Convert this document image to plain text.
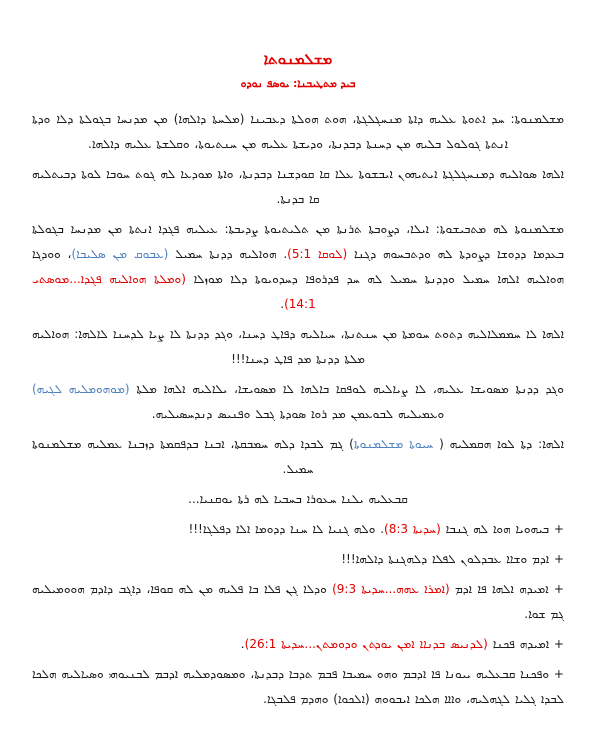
ܡܫܠܡܢܘܬܐ
ܒܝܕ ܡܬܛܝܒܢܐ: ܝܘܣܦ ܢܘܕܘ

ܡܫܠܡܢܘܬܐ: ܚܕ ܐܬܘܬܐ ܥܠܝܗ ܕܐܬܐ ܡܢܚܓܠܓܬܐ، ܗܘܬ ܗܘܠܬܐ ܕܥܒܝܢܐ (ܡܠܚܬܐ ܕܐܠܗܐ) ܡܢ ܡܕܢܚܐ ܒܓܘܠܬܐ ܕܠܐ ܘܕܬܐ ܐܢܬܬܐ ܓܘܠܘܠ ܒܠܝܗ ܡܢ ܕܚܢܬܐ ܕܒܕܢܬܐ، ܘܕܝܫܬܐ ܥܠܝܗ ܡܢ ܚܢܬܝܘܬܐ، ܘܩܠܫܬܐ ܥܠܝܗ ܕܐܠܗܐ.

ܐܠܗܐ ܣܘܐܠܝܗ ܕܡܢܚܓܠܓܬܐ ܐܝܬܝܗܘܢ ܐܝܒܫܘܬܐ ܥܠܐ ܩܐ ܩܘܕܫܢܐ ܕܒܕܢܬܐ، ܘܐܬܐ ܡܘܕܥܐ ܠܗ ܓܘܬ ܚܘܒܐ ܠܘܬܐ ܕܒܝܬܠܝܗ ܩܐ ܒܕܢܬܐ.

ܡܫܠܡܢܘܬܐ ܠܗ ܡܬܒܝܫܘܬܐ: ܐܝܠܐ، ܕܨܘܒܬܐ ܬܪܢܬܐ ܡܢ ܬܠܝܬܝܘܬܐ ܨܕܝܒܬܐ: ܥܝܠܝܗ ܦܓܕܐ ܐܢܬܬܐ ܡܢ ܡܕܢܚܐ ܒܓܘܠܬܐ ܒܥܕܡܐ ܕܕܘܫܐ ܕܨܘܕܬܐ ܠܗ ܘܕܬܒܚܘܗ ܕܓܢܐ (ܠܘܩܐ 5:1). ܗܘܐܠܝܗ ܕܕܢܬܐ ܚܡܝܠ (ܥܒܘܩ ܡܢ ܣܠܝܒܐ)، ܘܘܕܓܐ ܗܘܐܠܝܗ ܐܠܗܐ ܚܡܝܠ ܘܕܕܢܬܐ ܚܡܝܠ ܠܗ ܚܕ ܦܕܪܘܦܐ ܕܚܕܘܝܘܬܐ ܕܠܐ ܡܘܙܠܐ (ܘܡܠܬܐ ܗܘܐܠܝܗ ܦܓܕܐ...ܡܘܣܬܝ 14:1).

ܐܠܗܐ ܠܐ ܚܡܡܠܐܠܝܗ ܕܬܘܬ ܚܘܡܬܐ ܡܢ ܚܢܬܢܬܐ، ܚܝܐܠܝܗ ܕܦܐܛ ܕܚܢܐ، ܘܓܕ ܕܕܢܬܐ ܠܐ ܨܝܐ ܠܕܚܢܐ ܠܐܠܗܐ: ܗܘܐܠܝܗ ܡܠܬܐ ܕܕܢܬܐ ܡܕ ܦܐܛ ܕܚܢܐ!!!

ܘܓܕ ܕܕܢܬܐ ܡܣܘܝܫܐ ܥܠܝܗ، ܠܐ ܨܝܐܠܝܗ ܠܘܦܩܐ ܒܐܠܗܐ ܠܐ ܡܣܘܝܫܐ، ܝܠܐܠܝܗ ܐܠܗܐ ܡܠܬܐ (ܡܘܗܘܡܠܝܗ ܠܓܝܗ) ܘܥܡܝܠܝܗ ܠܒܘܥܡܢ ܡܕ ܪܘܐ ܣܘܕܬܐ ܓܒܠ ܘܦܢܝܣ ܕܢܕܚܣܝܠܝܗ.

ܐܠܗܐ: ܕܬܐ ܠܘܐ ܗܩܡܠܝܗ ( ܚܝܘܬܐ ܡܫܠܡܢܘܬܐ) ܓܡ ܠܒܕܐ ܕܠܗ ܚܡܒܩܬܐ، ܐܒܢܐ ܒܕܦܩܡܬܐ ܕܙܒܢܐ ܥܡܠܝܗ ܡܫܠܡܢܘܬܐ ܚܡܝܠ.

ܩܒܥܠܝܗ ܝܠܢܐ ܚܥܘܪܐ ܒܚܒܝܐ ܠܗ ܪܬܐ ܝܘܩܢܝܐ...

+ ܒܝܗܘܝܐ ܗܘܐ ܠܗ ܓܢܒܐ (ܚܕܝܬܐ 8:3). ܘܠܗ ܓܢܝܐ ܠܐ ܚܢܐ ܕܕܘܡܐ ܐܠܐ ܕܦܠܓܐ!!!

+ ܐܕܡ ܘܫܐܐ ܥܒܕܠܘܢ ܠܦܠܐ ܕܠܗܓܢܬܐ ܕܐܠܗܐ!!!

+ ܐܡܝܕܗ ܐܠܗܐ ܦܐ ܐܕܡ (ܐܡܪܐ ܥܗܗ...ܚܕܝܬܐ 9:3) ܘܕܠܐ ܓܢ ܦܠܐ ܒܐ ܦܠܝܗ ܡܢ ܠܗ ܩܘܦܐ، ܕܐܓܒ ܕܐܕܡ ܗܘܘܡܝܠܝܗ ܓܡ ܫܘܐ.

+ ܐܡܝܕܗ ܦܟܢܐ (ܠܕܢܝܣ ܒܕܢܐܐ ܐܡܢ ܝܘܕܬܢ ܘܕܘܡܬܢ...ܚܕܝܬܐ 26:1).

+ ܘܦܟܢܐ ܩܒܥܠܝܗ ܝܝܘܢܐ ܦܐ ܐܕܒܡ ܘܗܘ ܚܡܝܒܐ ܦܒܡ ܬܕܒܐ ܕܒܕܢܬܐ، ܘܡܣܘܕܡܠܝܗ ܐܕܒܡ ܠܒܢܝܘܗܝ ܘܣܝܐܠܝܗ ܗܠܟܐ ܠܒܕܐ ܓܠܝܐ ܠܓܗܠܝܗ، ܘܐܐܐ ܗܠܟܐ ܐܝܒܘܘܗ (ܐܠܟܘܐ) ܘܗܕܡ ܦܠܒܓܐ.
